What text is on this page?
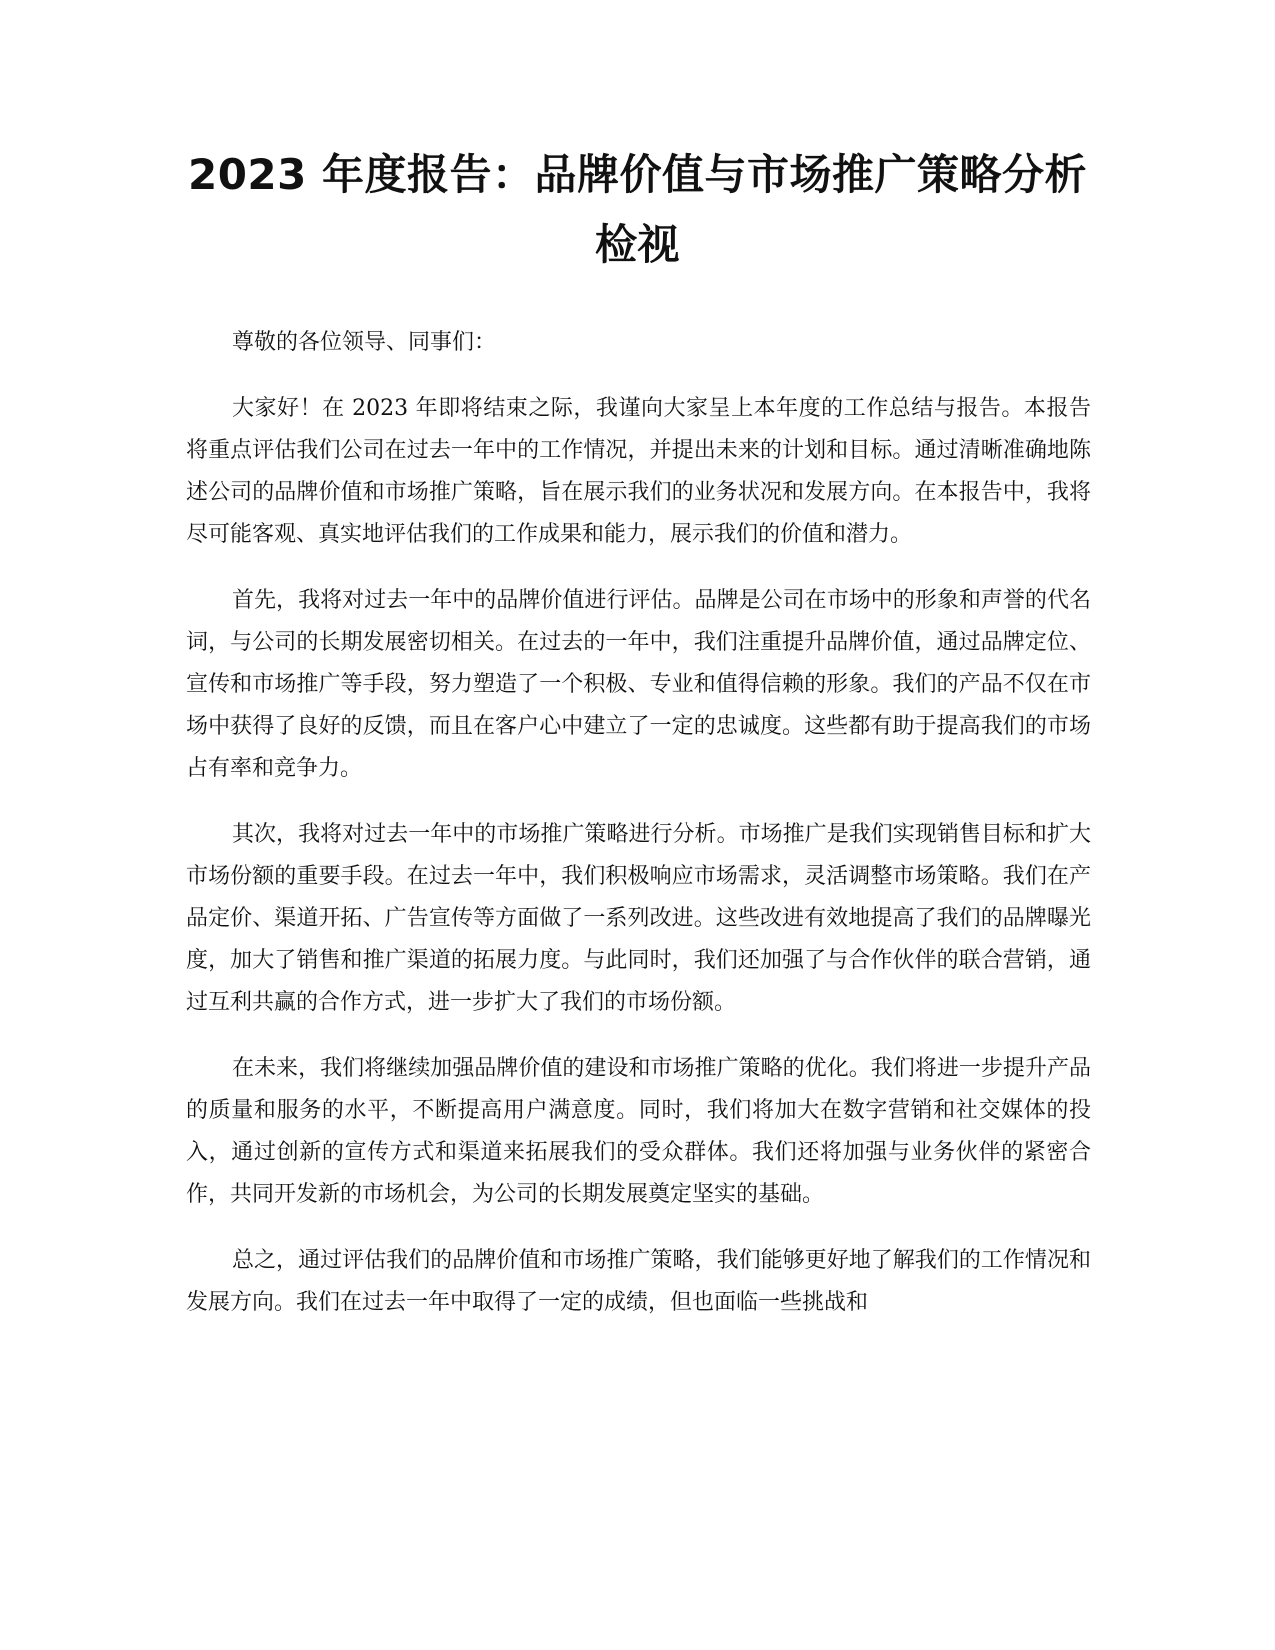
2023 年度报告：品牌价值与市场推广策略分析检视

尊敬的各位领导、同事们：

大家好！在 2023 年即将结束之际，我谨向大家呈上本年度的工作总结与报告。本报告将重点评估我们公司在过去一年中的工作情况，并提出未来的计划和目标。通过清晰准确地陈述公司的品牌价值和市场推广策略，旨在展示我们的业务状况和发展方向。在本报告中，我将尽可能客观、真实地评估我们的工作成果和能力，展示我们的价值和潜力。

首先，我将对过去一年中的品牌价值进行评估。品牌是公司在市场中的形象和声誉的代名词，与公司的长期发展密切相关。在过去的一年中，我们注重提升品牌价值，通过品牌定位、宣传和市场推广等手段，努力塑造了一个积极、专业和值得信赖的形象。我们的产品不仅在市场中获得了良好的反馈，而且在客户心中建立了一定的忠诚度。这些都有助于提高我们的市场占有率和竞争力。

其次，我将对过去一年中的市场推广策略进行分析。市场推广是我们实现销售目标和扩大市场份额的重要手段。在过去一年中，我们积极响应市场需求，灵活调整市场策略。我们在产品定价、渠道开拓、广告宣传等方面做了一系列改进。这些改进有效地提高了我们的品牌曝光度，加大了销售和推广渠道的拓展力度。与此同时，我们还加强了与合作伙伴的联合营销，通过互利共赢的合作方式，进一步扩大了我们的市场份额。

在未来，我们将继续加强品牌价值的建设和市场推广策略的优化。我们将进一步提升产品的质量和服务的水平，不断提高用户满意度。同时，我们将加大在数字营销和社交媒体的投入，通过创新的宣传方式和渠道来拓展我们的受众群体。我们还将加强与业务伙伴的紧密合作，共同开发新的市场机会，为公司的长期发展奠定坚实的基础。

总之，通过评估我们的品牌价值和市场推广策略，我们能够更好地了解我们的工作情况和发展方向。我们在过去一年中取得了一定的成绩，但也面临一些挑战和
